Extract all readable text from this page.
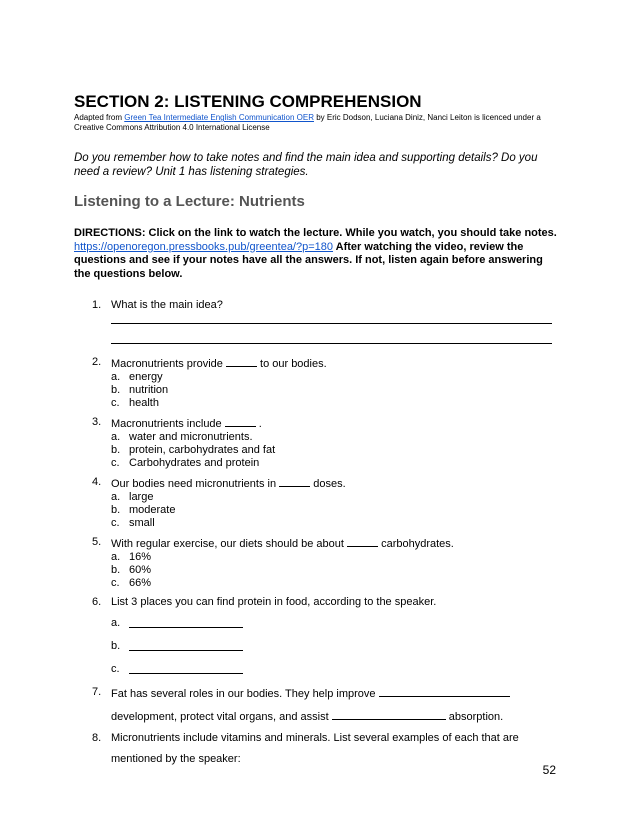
SECTION 2: LISTENING COMPREHENSION

Adapted from Green Tea Intermediate English Communication OER by Eric Dodson, Luciana Diniz, Nanci Leiton is licenced under a Creative Commons Attribution 4.0 International License

Do you remember how to take notes and find the main idea and supporting details? Do you need a review? Unit 1 has listening strategies.

Listening to a Lecture: Nutrients

DIRECTIONS: Click on the link to watch the lecture. While you watch, you should take notes. https://openoregon.pressbooks.pub/greentea/?p=180 After watching the video, review the questions and see if your notes have all the answers. If not, listen again before answering the questions below.

1. What is the main idea?
2. Macronutrients provide	to our bodies.
a. energy
b. nutrition
c. health
3. Macronutrients include	.
a. water and micronutrients.
b. protein, carbohydrates and fat
c. Carbohydrates and protein
4. Our bodies need micronutrients in	doses.
a. large
b. moderate
c. small
5. With regular exercise, our diets should be about	carbohydrates.
a. 16%
b. 60%
c. 66%
6. List 3 places you can find protein in food, according to the speaker.
a.
b.
c.
7. Fat has several roles in our bodies. They help improve
development, protect vital organs, and assist	absorption.
8. Micronutrients include vitamins and minerals. List several examples of each that are
mentioned by the speaker:
52
